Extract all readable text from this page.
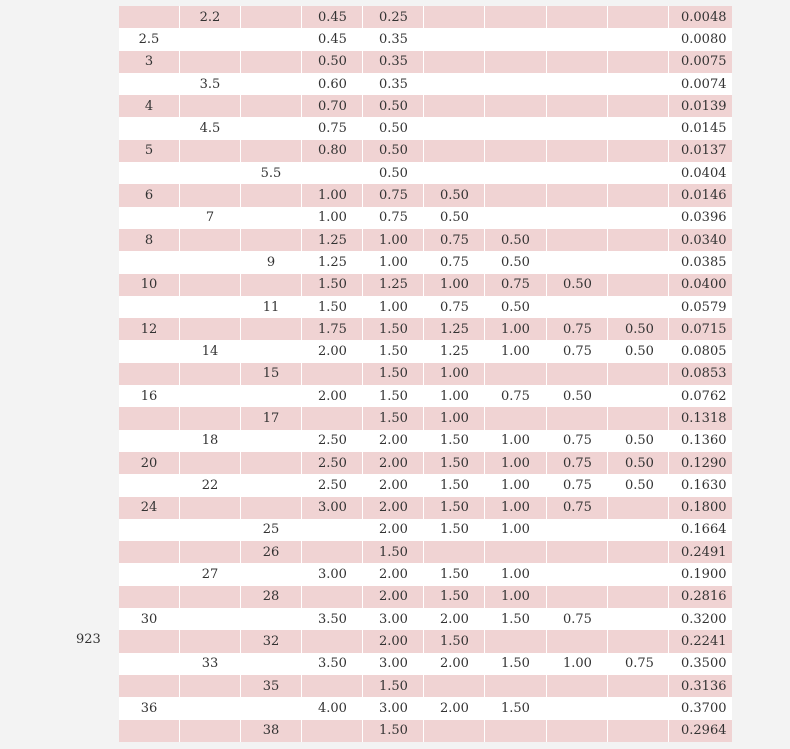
923
	2.2		0.45	0.25					0.0048
2.5			0.45	0.35					0.0080
3			0.50	0.35					0.0075
	3.5		0.60	0.35					0.0074
4			0.70	0.50					0.0139
	4.5		0.75	0.50					0.0145
5			0.80	0.50					0.0137
		5.5		0.50					0.0404
6			1.00	0.75	0.50				0.0146
	7		1.00	0.75	0.50				0.0396
8			1.25	1.00	0.75	0.50			0.0340
		9	1.25	1.00	0.75	0.50			0.0385
10			1.50	1.25	1.00	0.75	0.50		0.0400
		11	1.50	1.00	0.75	0.50			0.0579
12			1.75	1.50	1.25	1.00	0.75	0.50	0.0715
	14		2.00	1.50	1.25	1.00	0.75	0.50	0.0805
		15		1.50	1.00				0.0853
16			2.00	1.50	1.00	0.75	0.50		0.0762
		17		1.50	1.00				0.1318
	18		2.50	2.00	1.50	1.00	0.75	0.50	0.1360
20			2.50	2.00	1.50	1.00	0.75	0.50	0.1290
	22		2.50	2.00	1.50	1.00	0.75	0.50	0.1630
24			3.00	2.00	1.50	1.00	0.75		0.1800
		25		2.00	1.50	1.00			0.1664
		26		1.50					0.2491
	27		3.00	2.00	1.50	1.00			0.1900
		28		2.00	1.50	1.00			0.2816
30			3.50	3.00	2.00	1.50	0.75		0.3200
		32		2.00	1.50				0.2241
	33		3.50	3.00	2.00	1.50	1.00	0.75	0.3500
		35		1.50					0.3136
36			4.00	3.00	2.00	1.50			0.3700
		38		1.50					0.2964
